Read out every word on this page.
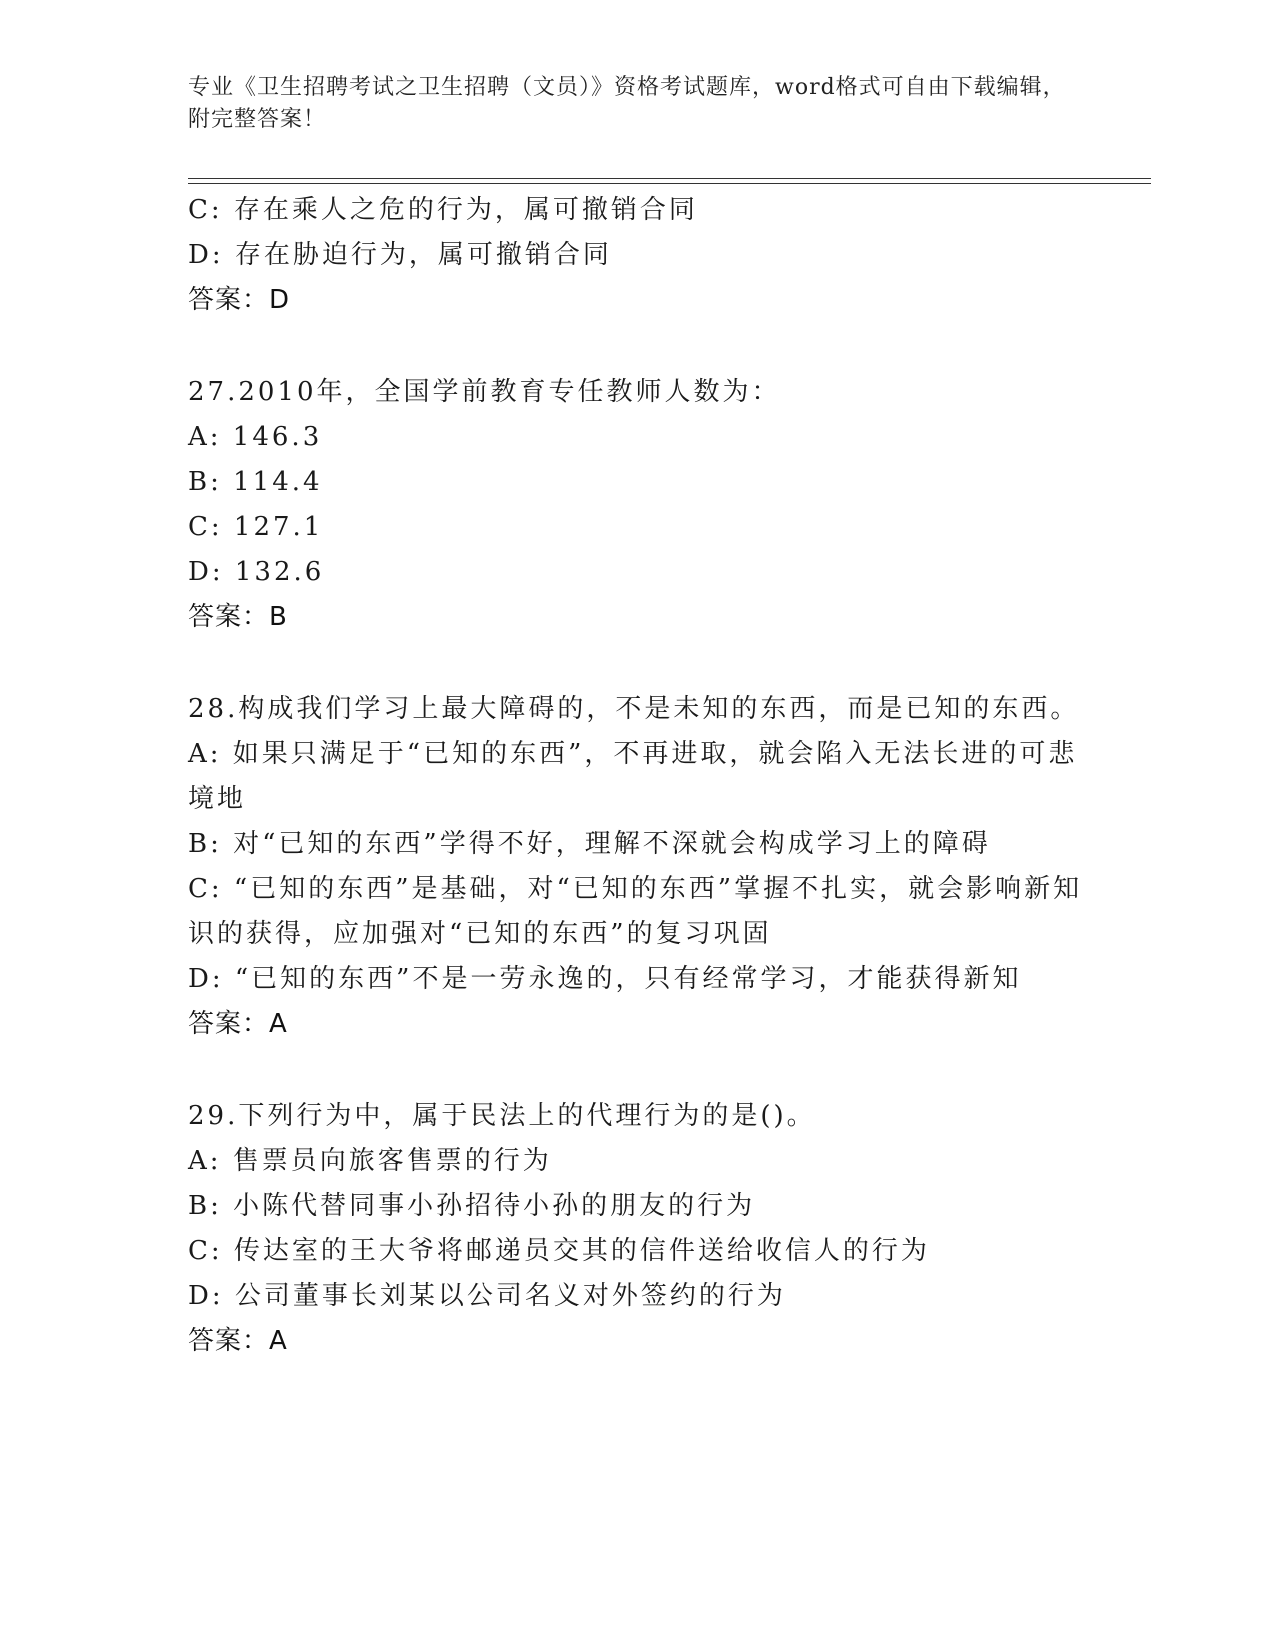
专业《卫生招聘考试之卫生招聘（文员）》资格考试题库，word格式可自由下载编辑，附完整答案！
C: 存在乘人之危的行为，属可撤销合同
D: 存在胁迫行为，属可撤销合同
答案：D
27.2010年，全国学前教育专任教师人数为：
A: 146.3
B: 114.4
C: 127.1
D: 132.6
答案：B
28.构成我们学习上最大障碍的，不是未知的东西，而是已知的东西。
A: 如果只满足于“已知的东西”，不再进取，就会陷入无法长进的可悲境地
B: 对“已知的东西”学得不好，理解不深就会构成学习上的障碍
C: “已知的东西”是基础，对“已知的东西”掌握不扎实，就会影响新知识的获得，应加强对“已知的东西”的复习巩固
D: “已知的东西”不是一劳永逸的，只有经常学习，才能获得新知
答案：A
29.下列行为中，属于民法上的代理行为的是()。
A: 售票员向旅客售票的行为
B: 小陈代替同事小孙招待小孙的朋友的行为
C: 传达室的王大爷将邮递员交其的信件送给收信人的行为
D: 公司董事长刘某以公司名义对外签约的行为
答案：A
